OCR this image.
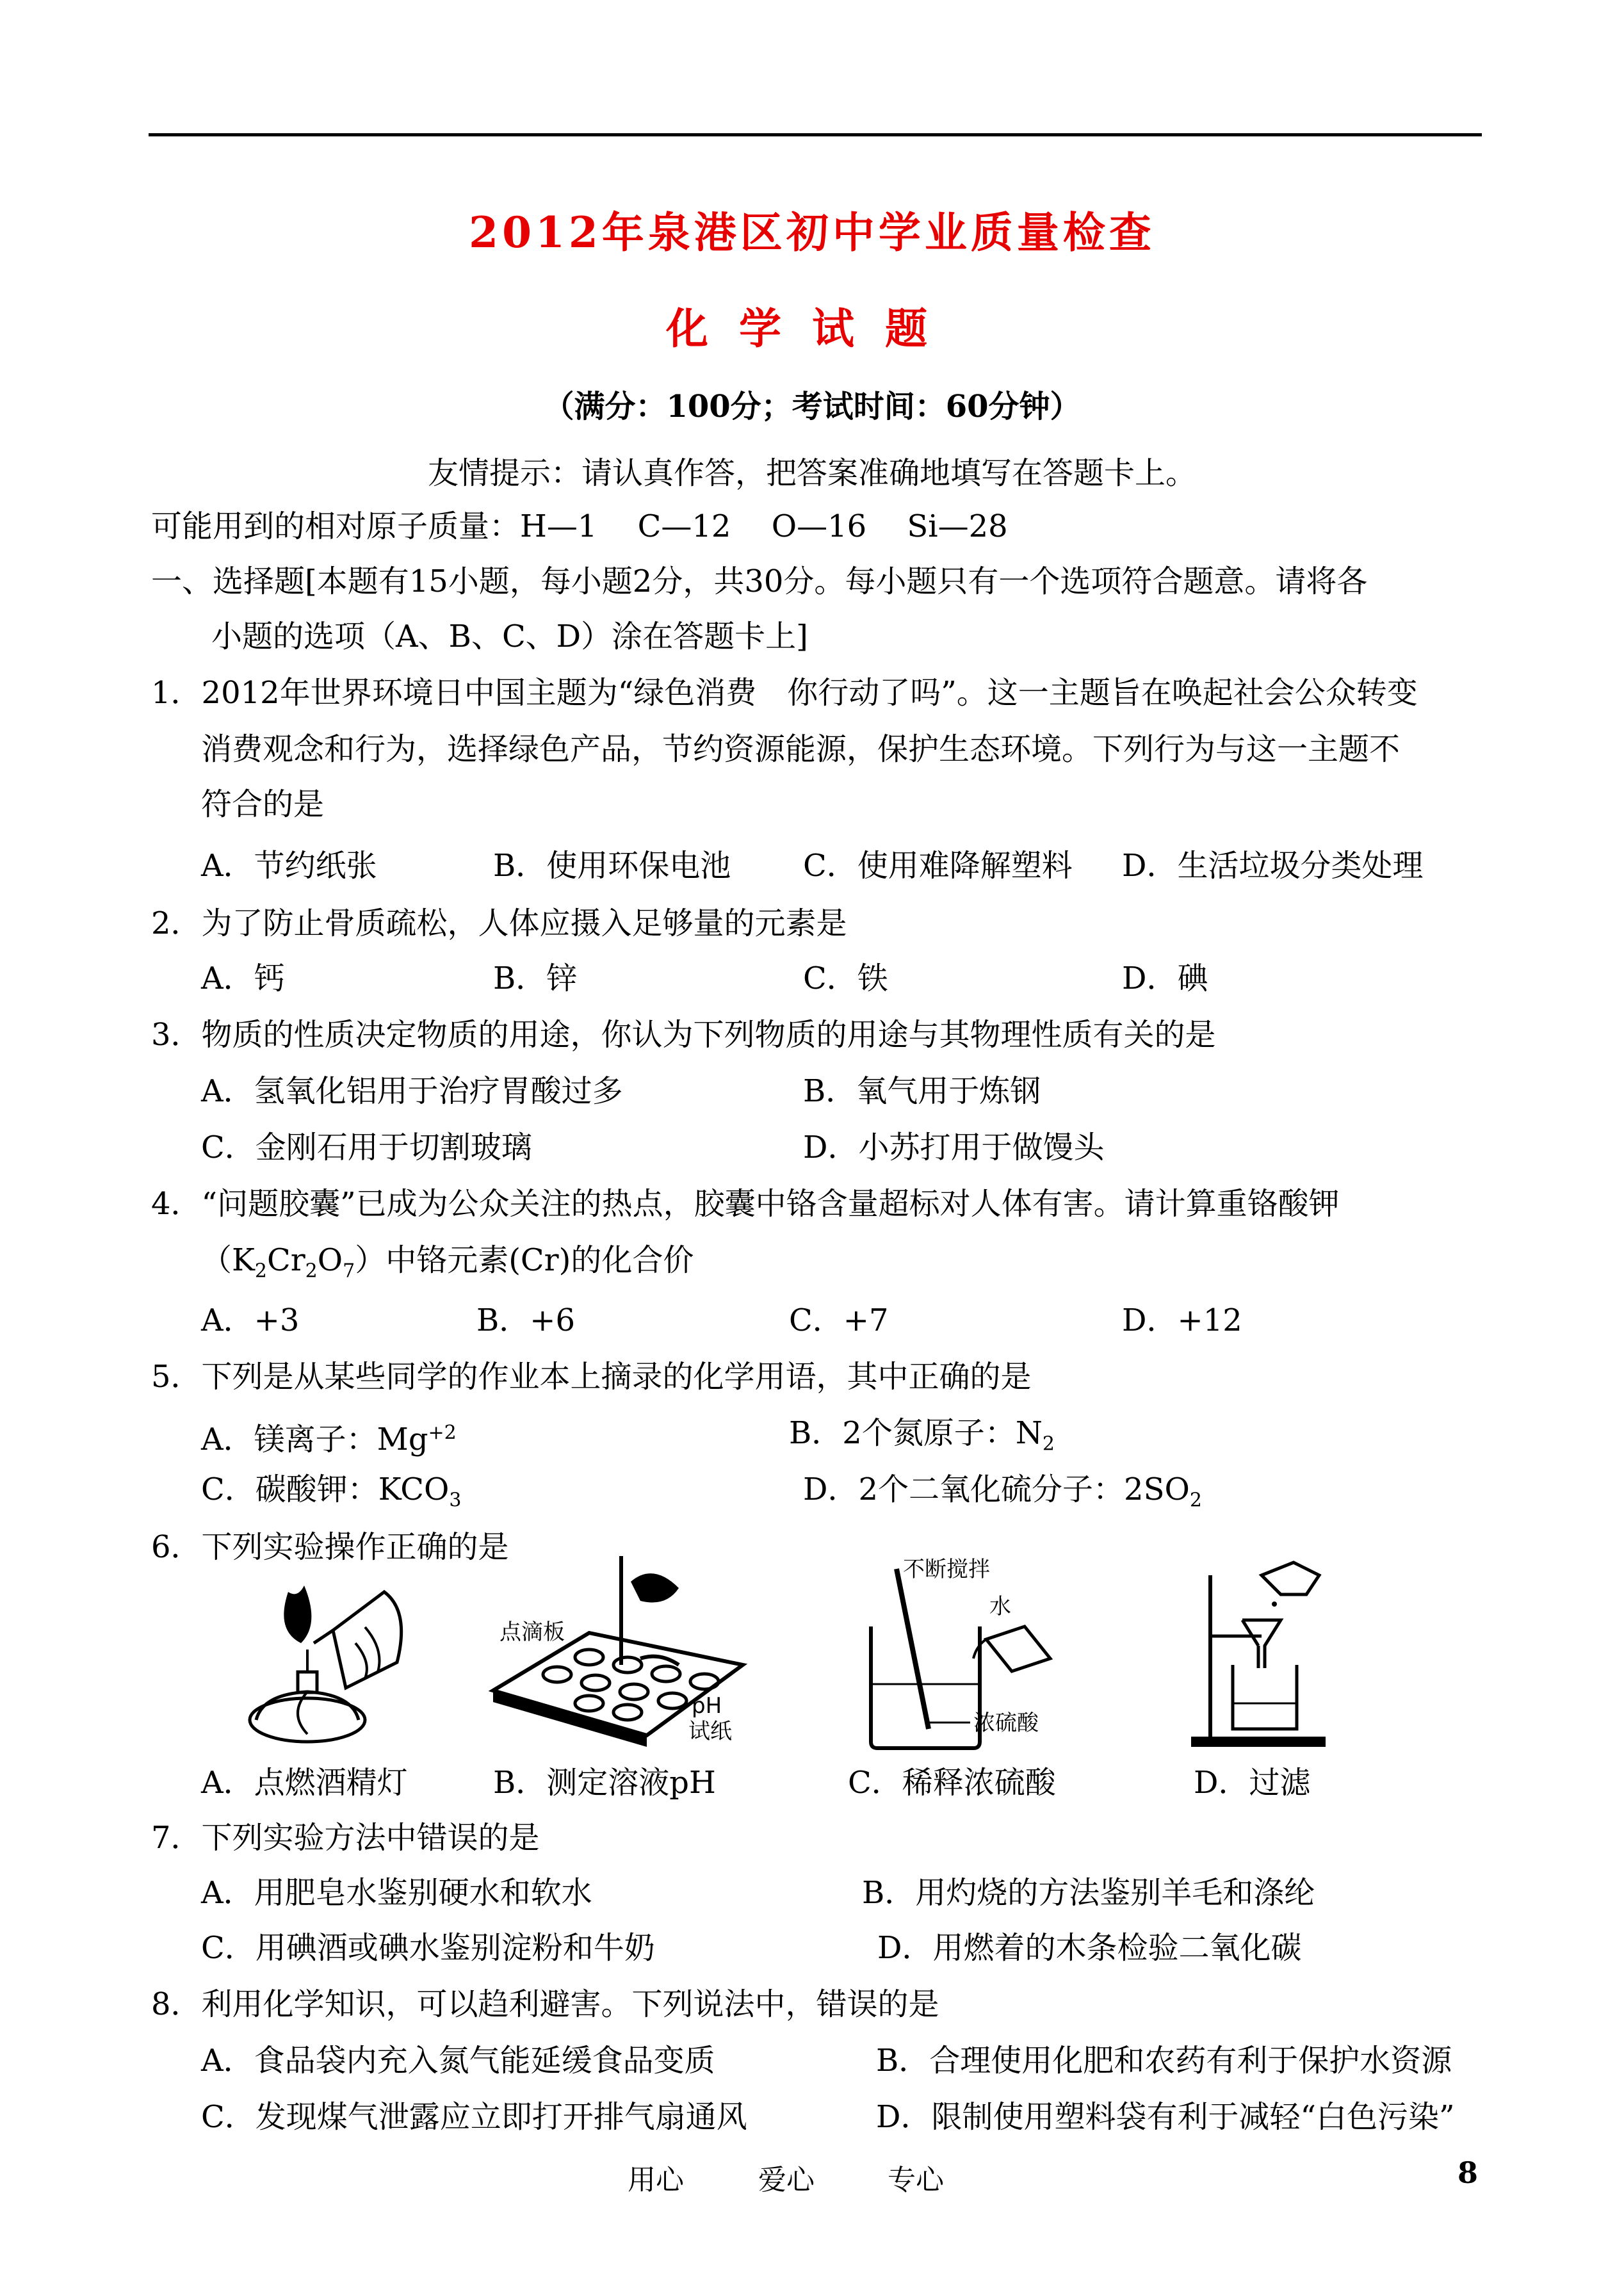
2012年泉港区初中学业质量检查
化学试题
（满分：100分；考试时间：60分钟）
友情提示：请认真作答，把答案准确地填写在答题卡上。
可能用到的相对原子质量：H—1　 C—12　 O—16　 Si—28
一、选择题[本题有15小题，每小题2分，共30分。每小题只有一个选项符合题意。请将各
小题的选项（A、B、C、D）涂在答题卡上]
1．2012年世界环境日中国主题为“绿色消费　你行动了吗”。这一主题旨在唤起社会公众转变
消费观念和行为，选择绿色产品，节约资源能源，保护生态环境。下列行为与这一主题不
符合的是
A．节约纸张	B．使用环保电池 C．使用难降解塑料 D．生活垃圾分类处理
2．为了防止骨质疏松，人体应摄入足够量的元素是
A．钙	B．锌	C．铁	D．碘
3．物质的性质决定物质的用途，你认为下列物质的用途与其物理性质有关的是
A．氢氧化铝用于治疗胃酸过多	B．氧气用于炼钢
C．金刚石用于切割玻璃	D．小苏打用于做馒头
4．“问题胶囊”已成为公众关注的热点，胶囊中铬含量超标对人体有害。请计算重铬酸钾
$(K_2Cr_2O_7)$中铬元素(Cr)的化合价
A．+3	B．+6	C．+7	D．+12
5．下列是从某些同学的作业本上摘录的化学用语，其中正确的是
A．镁离子：$Mg^{+2}$	B．2个氮原子：$N_2$
C．碳酸钾：$KCO_3$	D．2个二氧化硫分子：$2SO_2$
6．下列实验操作正确的是
点滴板
pH
试纸
不断搅拌
水
浓硫酸
A．点燃酒精灯	B．测定溶液pH	C．稀释浓硫酸	D．过滤
7．下列实验方法中错误的是
A．用肥皂水鉴别硬水和软水	B．用灼烧的方法鉴别羊毛和涤纶
C．用碘酒或碘水鉴别淀粉和牛奶	D．用燃着的木条检验二氧化碳
8．利用化学知识，可以趋利避害。下列说法中，错误的是
A．食品袋内充入氮气能延缓食品变质	B．合理使用化肥和农药有利于保护水资源
C．发现煤气泄露应立即打开排气扇通风	D．限制使用塑料袋有利于减轻“白色污染”
用心	爱心	专心	8
